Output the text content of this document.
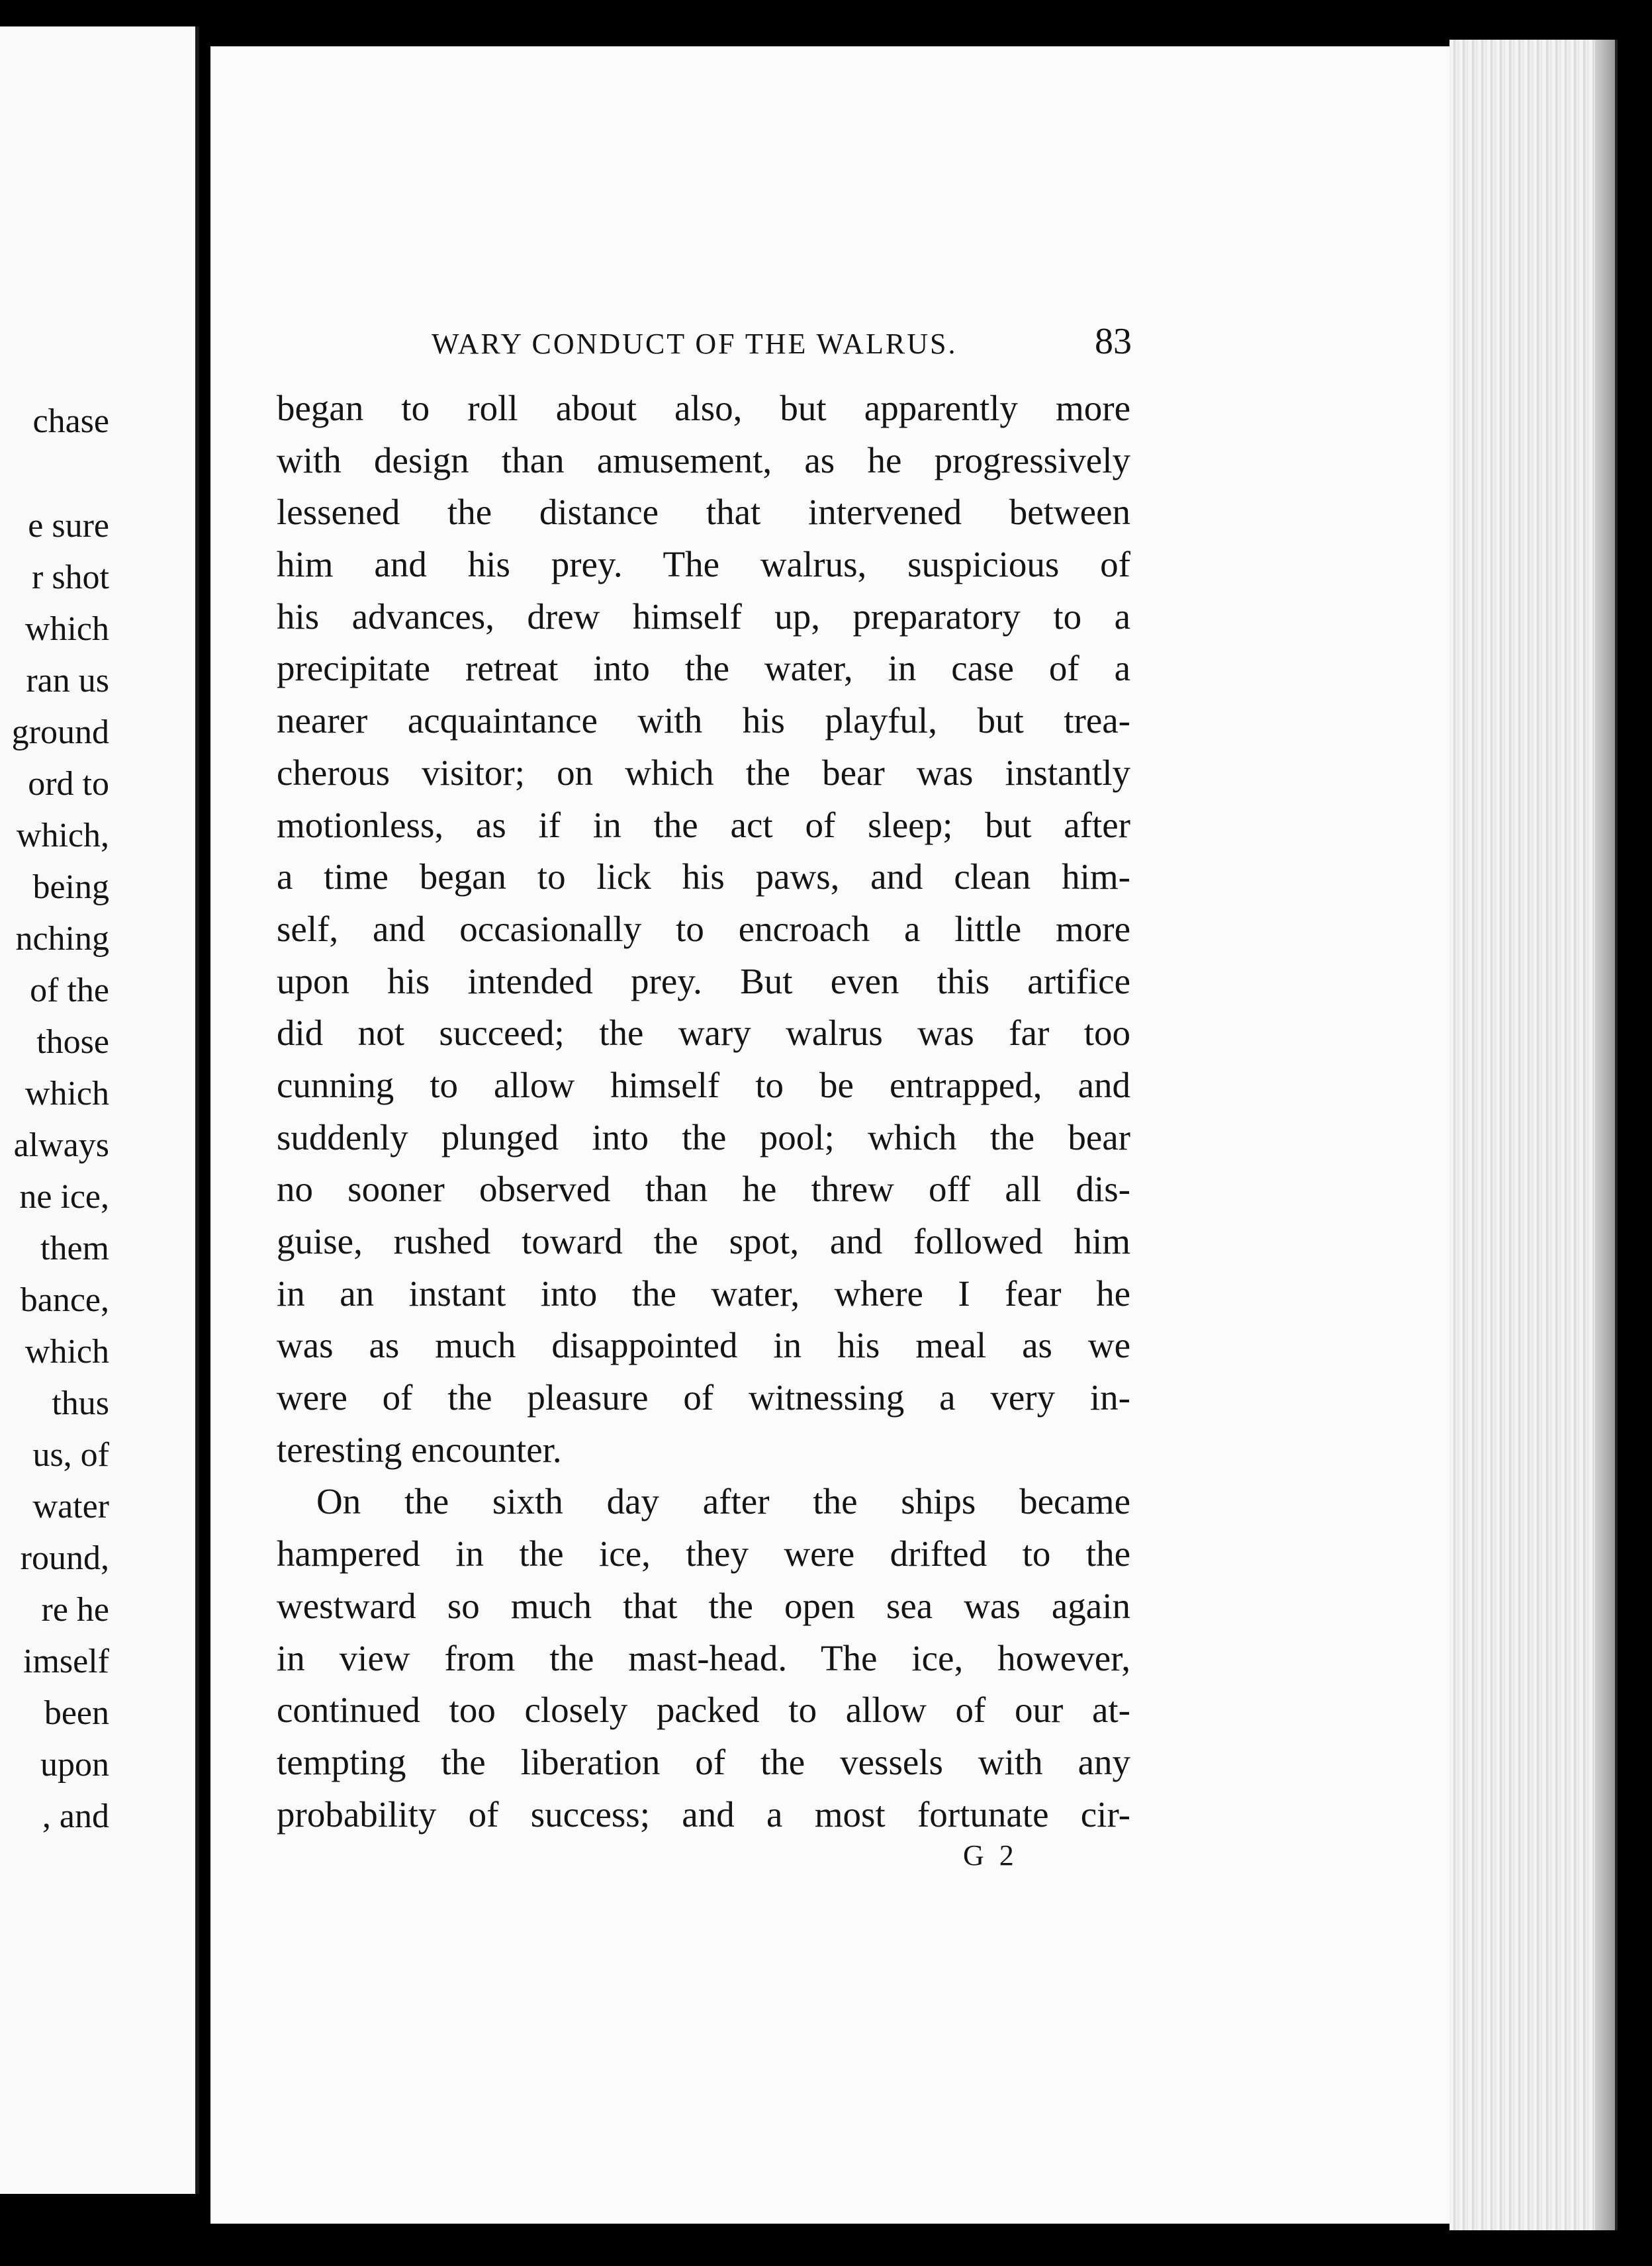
chase
e sure
r shot
which
ran us
ground
ord to
which,
being
nching
of the
those
which
always
ne ice,
them
bance,
which
thus
us, of
water
round,
re he
imself
been
upon
, and
WARY CONDUCT OF THE WALRUS.	83
began to roll about also, but apparently more
with design than amusement, as he progressively
lessened the distance that intervened between
him and his prey. The walrus, suspicious of
his advances, drew himself up, preparatory to a
precipitate retreat into the water, in case of a
nearer acquaintance with his playful, but trea-
cherous visitor; on which the bear was instantly
motionless, as if in the act of sleep; but after
a time began to lick his paws, and clean him-
self, and occasionally to encroach a little more
upon his intended prey. But even this artifice
did not succeed; the wary walrus was far too
cunning to allow himself to be entrapped, and
suddenly plunged into the pool; which the bear
no sooner observed than he threw off all dis-
guise, rushed toward the spot, and followed him
in an instant into the water, where I fear he
was as much disappointed in his meal as we
were of the pleasure of witnessing a very in-
teresting encounter.
On the sixth day after the ships became
hampered in the ice, they were drifted to the
westward so much that the open sea was again
in view from the mast-head. The ice, however,
continued too closely packed to allow of our at-
tempting the liberation of the vessels with any
probability of success; and a most fortunate cir-
G 2
